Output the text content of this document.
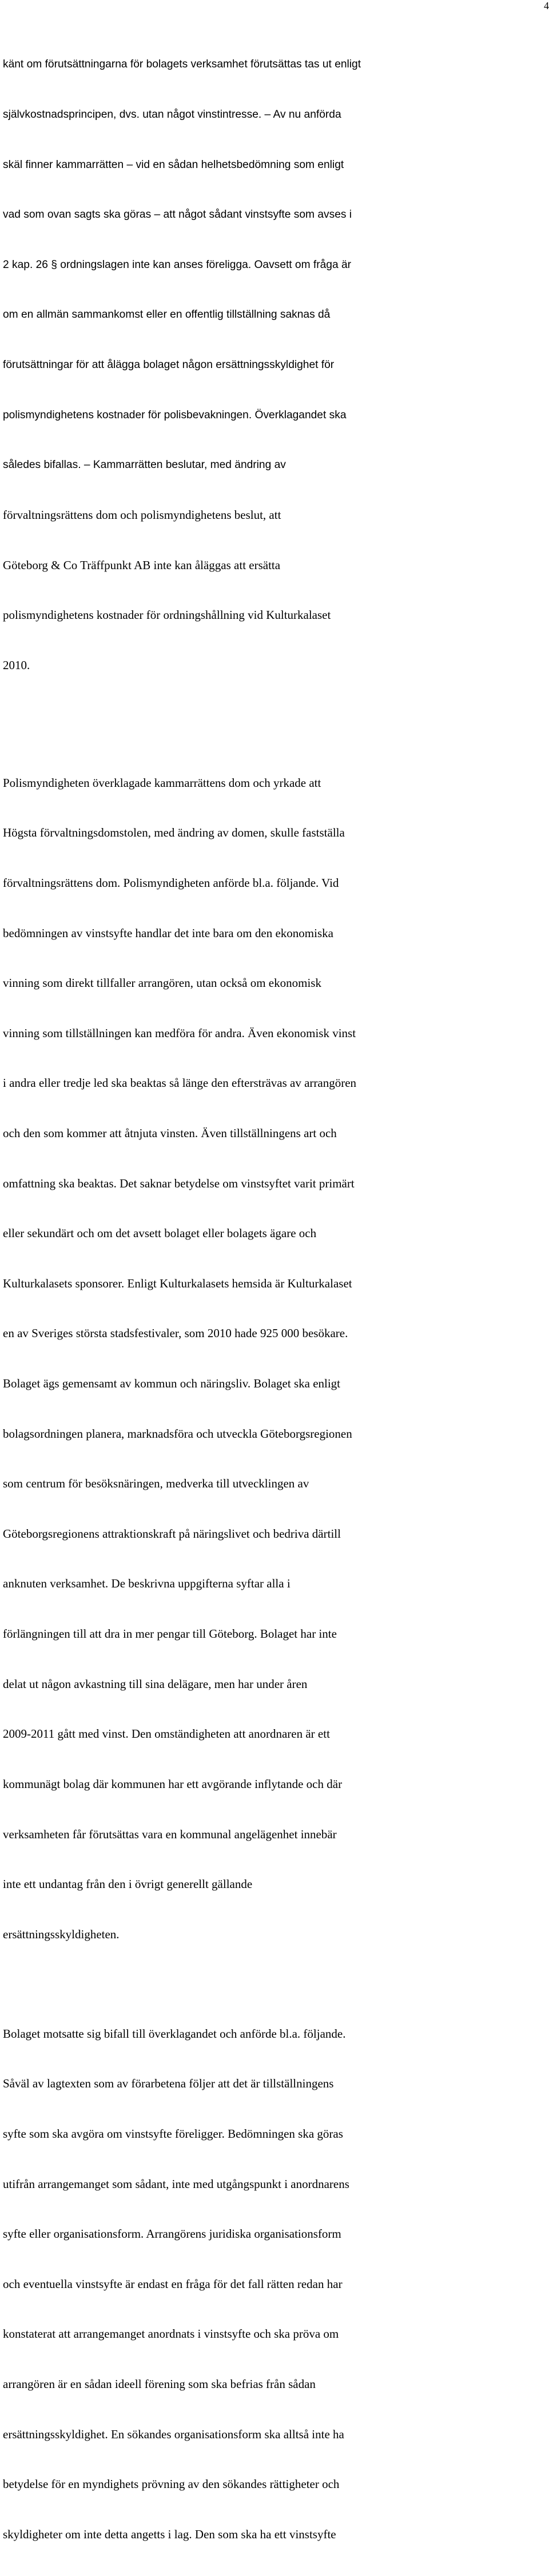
4

känt om förutsättningarna för bolagets verksamhet förutsättas tas ut enligt

självkostnadsprincipen, dvs. utan något vinstintresse. – Av nu anförda

skäl finner kammarrätten – vid en sådan helhetsbedömning som enligt

vad som ovan sagts ska göras – att något sådant vinstsyfte som avses i

2 kap. 26 § ordningslagen inte kan anses föreligga. Oavsett om fråga är

om en allmän sammankomst eller en offentlig tillställning saknas då

förutsättningar för att ålägga bolaget någon ersättningsskyldighet för

polismyndighetens kostnader för polisbevakningen. Överklagandet ska

således bifallas. – Kammarrätten beslutar, med ändring av

förvaltningsrättens dom och polismyndighetens beslut, att

Göteborg & Co Träffpunkt AB inte kan åläggas att ersätta

polismyndighetens kostnader för ordningshållning vid Kulturkalaset

2010.

Polismyndigheten överklagade kammarrättens dom och yrkade att

Högsta förvaltningsdomstolen, med ändring av domen, skulle fastställa

förvaltningsrättens dom. Polismyndigheten anförde bl.a. följande. Vid

bedömningen av vinstsyfte handlar det inte bara om den ekonomiska

vinning som direkt tillfaller arrangören, utan också om ekonomisk

vinning som tillställningen kan medföra för andra. Även ekonomisk vinst

i andra eller tredje led ska beaktas så länge den eftersträvas av arrangören

och den som kommer att åtnjuta vinsten. Även tillställningens art och

omfattning ska beaktas. Det saknar betydelse om vinstsyftet varit primärt

eller sekundärt och om det avsett bolaget eller bolagets ägare och

Kulturkalasets sponsorer. Enligt Kulturkalasets hemsida är Kulturkalaset

en av Sveriges största stadsfestivaler, som 2010 hade 925 000 besökare.

Bolaget ägs gemensamt av kommun och näringsliv. Bolaget ska enligt

bolagsordningen planera, marknadsföra och utveckla Göteborgsregionen

som centrum för besöksnäringen, medverka till utvecklingen av

Göteborgsregionens attraktionskraft på näringslivet och bedriva därtill

anknuten verksamhet. De beskrivna uppgifterna syftar alla i

förlängningen till att dra in mer pengar till Göteborg. Bolaget har inte

delat ut någon avkastning till sina delägare, men har under åren

2009-2011 gått med vinst. Den omständigheten att anordnaren är ett

kommunägt bolag där kommunen har ett avgörande inflytande och där

verksamheten får förutsättas vara en kommunal angelägenhet innebär

inte ett undantag från den i övrigt generellt gällande

ersättningsskyldigheten.

Bolaget motsatte sig bifall till överklagandet och anförde bl.a. följande.

Såväl av lagtexten som av förarbetena följer att det är tillställningens

syfte som ska avgöra om vinstsyfte föreligger. Bedömningen ska göras

utifrån arrangemanget som sådant, inte med utgångspunkt i anordnarens

syfte eller organisationsform. Arrangörens juridiska organisationsform

och eventuella vinstsyfte är endast en fråga för det fall rätten redan har

konstaterat att arrangemanget anordnats i vinstsyfte och ska pröva om

arrangören är en sådan ideell förening som ska befrias från sådan

ersättningsskyldighet. En sökandes organisationsform ska alltså inte ha

betydelse för en myndighets prövning av den sökandes rättigheter och

skyldigheter om inte detta angetts i lag. Den som ska ha ett vinstsyfte
